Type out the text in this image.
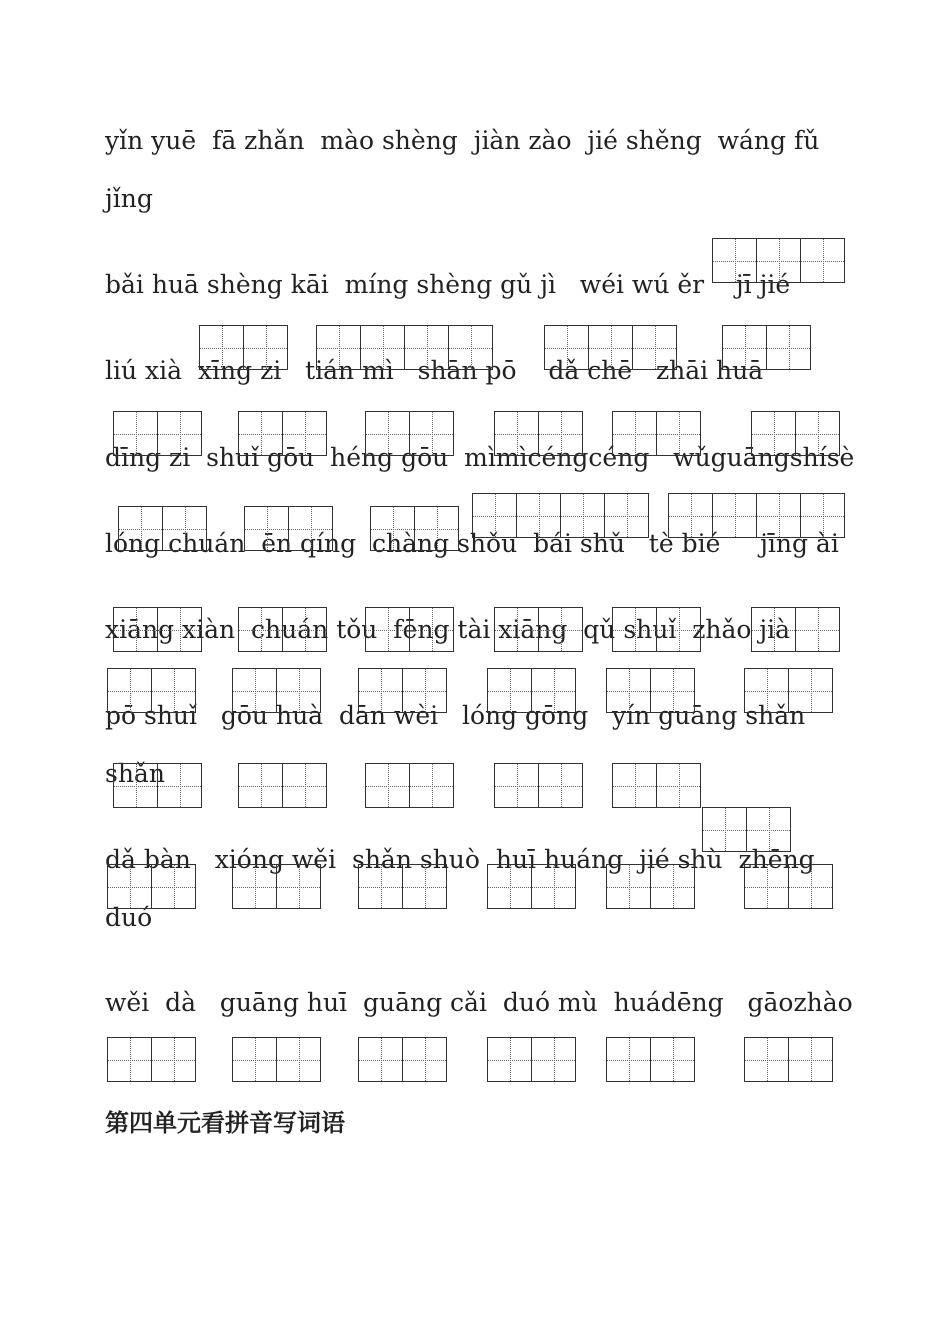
yǐn yuē  fā zhǎn  mào shèng  jiàn zào  jié shěng  wáng fǔ
jǐng
bǎi huā shèng kāi  míng shèng gǔ jì   wéi wú ěr    jī jié
liú xià  xīng zi   tián mì   shān pō    dǎ chē   zhāi huā
dīng zi  shuǐ gōu  héng gōu  mìmìcéngcéng   wǔguāngshísè
lóng chuán  ēn qíng  chàng shǒu  bái shǔ   tè bié     jīng ài
xiāng xiàn  chuán tǒu  fēng tài xiāng  qǔ shuǐ  zhǎo jià
pō shuǐ   gōu huà  dān wèi   lóng gōng   yín guāng shǎn
shǎn
dǎ bàn   xióng wěi  shǎn shuò  huī huáng  jié shù  zhēng
duó
wěi  dà   guāng huī  guāng cǎi  duó mù  huádēng   gāozhào
第四单元看拼音写词语
